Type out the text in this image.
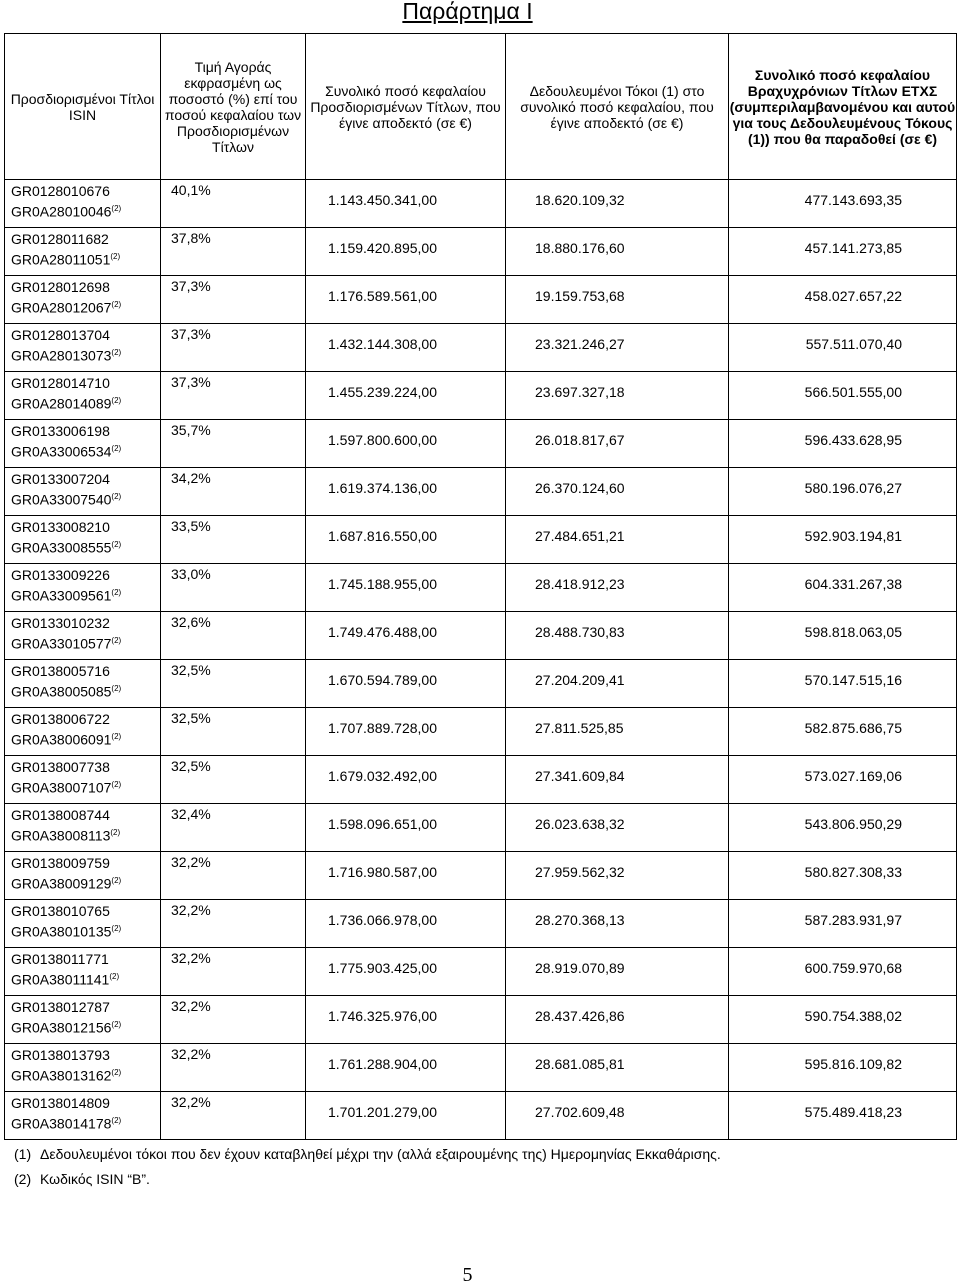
Παράρτημα Ι
Προσδιορισμένοι Τίτλοι
ISIN	Τιμή Αγοράς εκφρασμένη ως ποσοστό (%) επί του ποσού κεφαλαίου των Προσδιορισμένων Τίτλων	Συνολικό ποσό κεφαλαίου Προσδιορισμένων Τίτλων, που έγινε αποδεκτό (σε €)	Δεδουλευμένοι Τόκοι (1) στο συνολικό ποσό κεφαλαίου, που έγινε αποδεκτό (σε €)	Συνολικό ποσό κεφαλαίου Βραχυχρόνιων Τίτλων ΕΤΧΣ (συμπεριλαμβανομένου και αυτού για τους Δεδουλευμένους Τόκους (1)) που θα παραδοθεί (σε €)

GR0128010676
GR0A28010046$^{(2)}$	40,1%	1.143.450.341,00	18.620.109,32	477.143.693,35

GR0128011682
GR0A28011051$^{(2)}$	37,8%	1.159.420.895,00	18.880.176,60	457.141.273,85

GR0128012698
GR0A28012067$^{(2)}$	37,3%	1.176.589.561,00	19.159.753,68	458.027.657,22

GR0128013704
GR0A28013073$^{(2)}$	37,3%	1.432.144.308,00	23.321.246,27	557.511.070,40

GR0128014710
GR0A28014089$^{(2)}$	37,3%	1.455.239.224,00	23.697.327,18	566.501.555,00

GR0133006198
GR0A33006534$^{(2)}$	35,7%	1.597.800.600,00	26.018.817,67	596.433.628,95

GR0133007204
GR0A33007540$^{(2)}$	34,2%	1.619.374.136,00	26.370.124,60	580.196.076,27

GR0133008210
GR0A33008555$^{(2)}$	33,5%	1.687.816.550,00	27.484.651,21	592.903.194,81

GR0133009226
GR0A33009561$^{(2)}$	33,0%	1.745.188.955,00	28.418.912,23	604.331.267,38

GR0133010232
GR0A33010577$^{(2)}$	32,6%	1.749.476.488,00	28.488.730,83	598.818.063,05

GR0138005716
GR0A38005085$^{(2)}$	32,5%	1.670.594.789,00	27.204.209,41	570.147.515,16

GR0138006722
GR0A38006091$^{(2)}$	32,5%	1.707.889.728,00	27.811.525,85	582.875.686,75

GR0138007738
GR0A38007107$^{(2)}$	32,5%	1.679.032.492,00	27.341.609,84	573.027.169,06

GR0138008744
GR0A38008113$^{(2)}$	32,4%	1.598.096.651,00	26.023.638,32	543.806.950,29

GR0138009759
GR0A38009129$^{(2)}$	32,2%	1.716.980.587,00	27.959.562,32	580.827.308,33

GR0138010765
GR0A38010135$^{(2)}$	32,2%	1.736.066.978,00	28.270.368,13	587.283.931,97

GR0138011771
GR0A38011141$^{(2)}$	32,2%	1.775.903.425,00	28.919.070,89	600.759.970,68

GR0138012787
GR0A38012156$^{(2)}$	32,2%	1.746.325.976,00	28.437.426,86	590.754.388,02

GR0138013793
GR0A38013162$^{(2)}$	32,2%	1.761.288.904,00	28.681.085,81	595.816.109,82

GR0138014809
GR0A38014178$^{(2)}$	32,2%	1.701.201.279,00	27.702.609,48	575.489.418,23
(1) Δεδουλευμένοι τόκοι που δεν έχουν καταβληθεί μέχρι την (αλλά εξαιρουμένης της) Ημερομηνίας Εκκαθάρισης.
(2) Κωδικός ISIN “B”.
5
